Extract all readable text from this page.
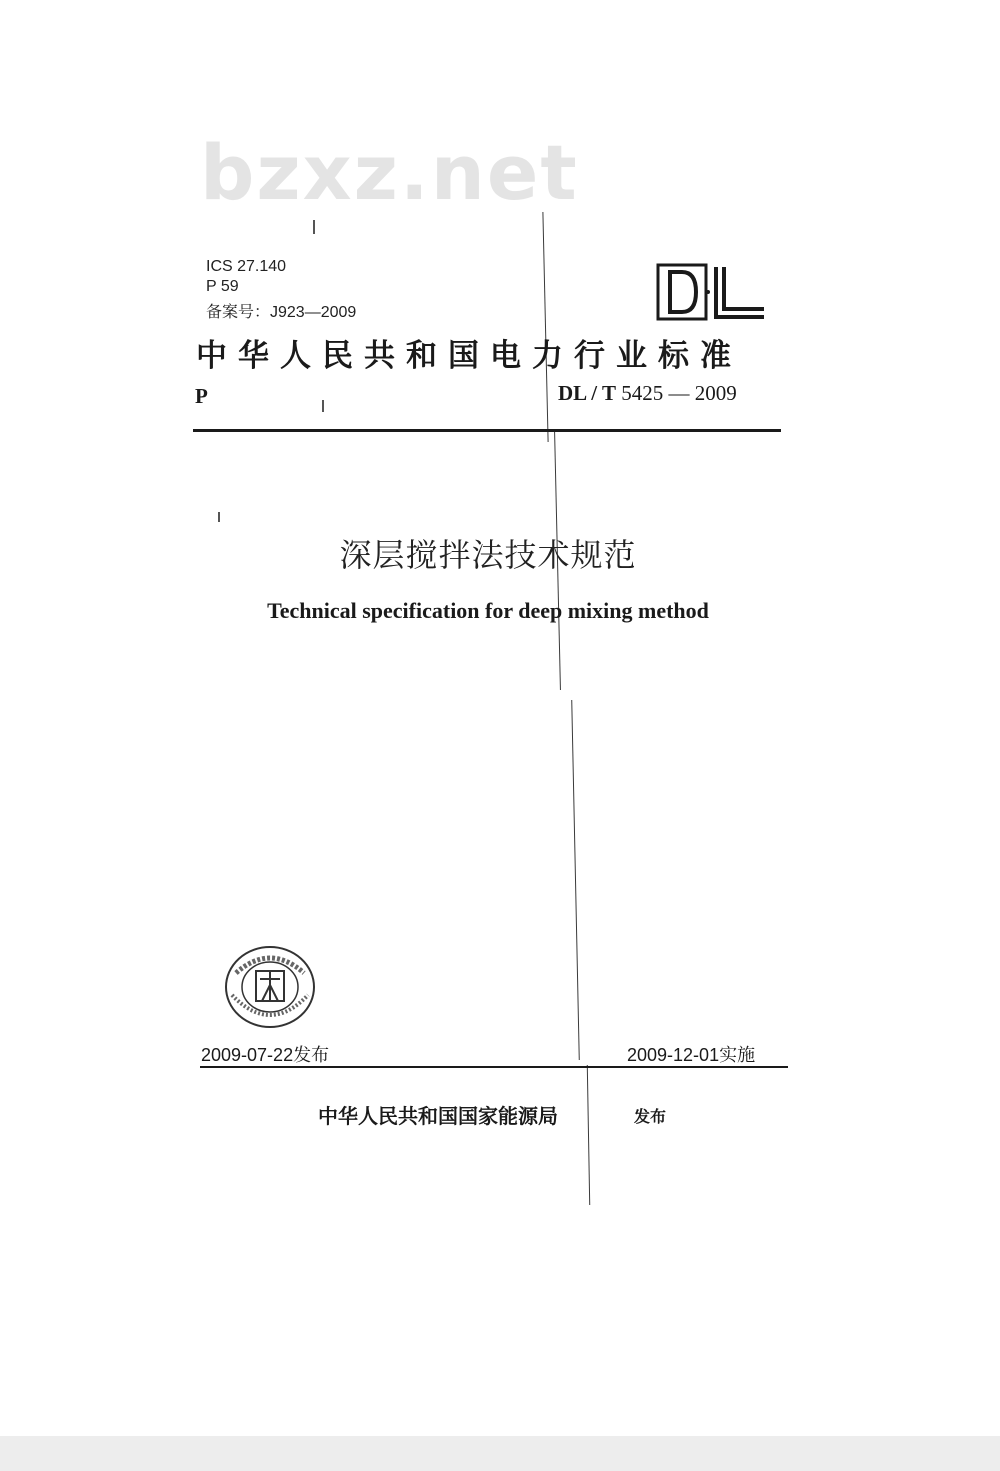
bzxz.net
ICS 27.140
P 59
备案号：J923—2009
中华人民共和国电力行业标准
P	DL / T 5425 — 2009
深层搅拌法技术规范
Technical specification for deep mixing method
2009-07-22发布	2009-12-01实施
中华人民共和国国家能源局	发布
